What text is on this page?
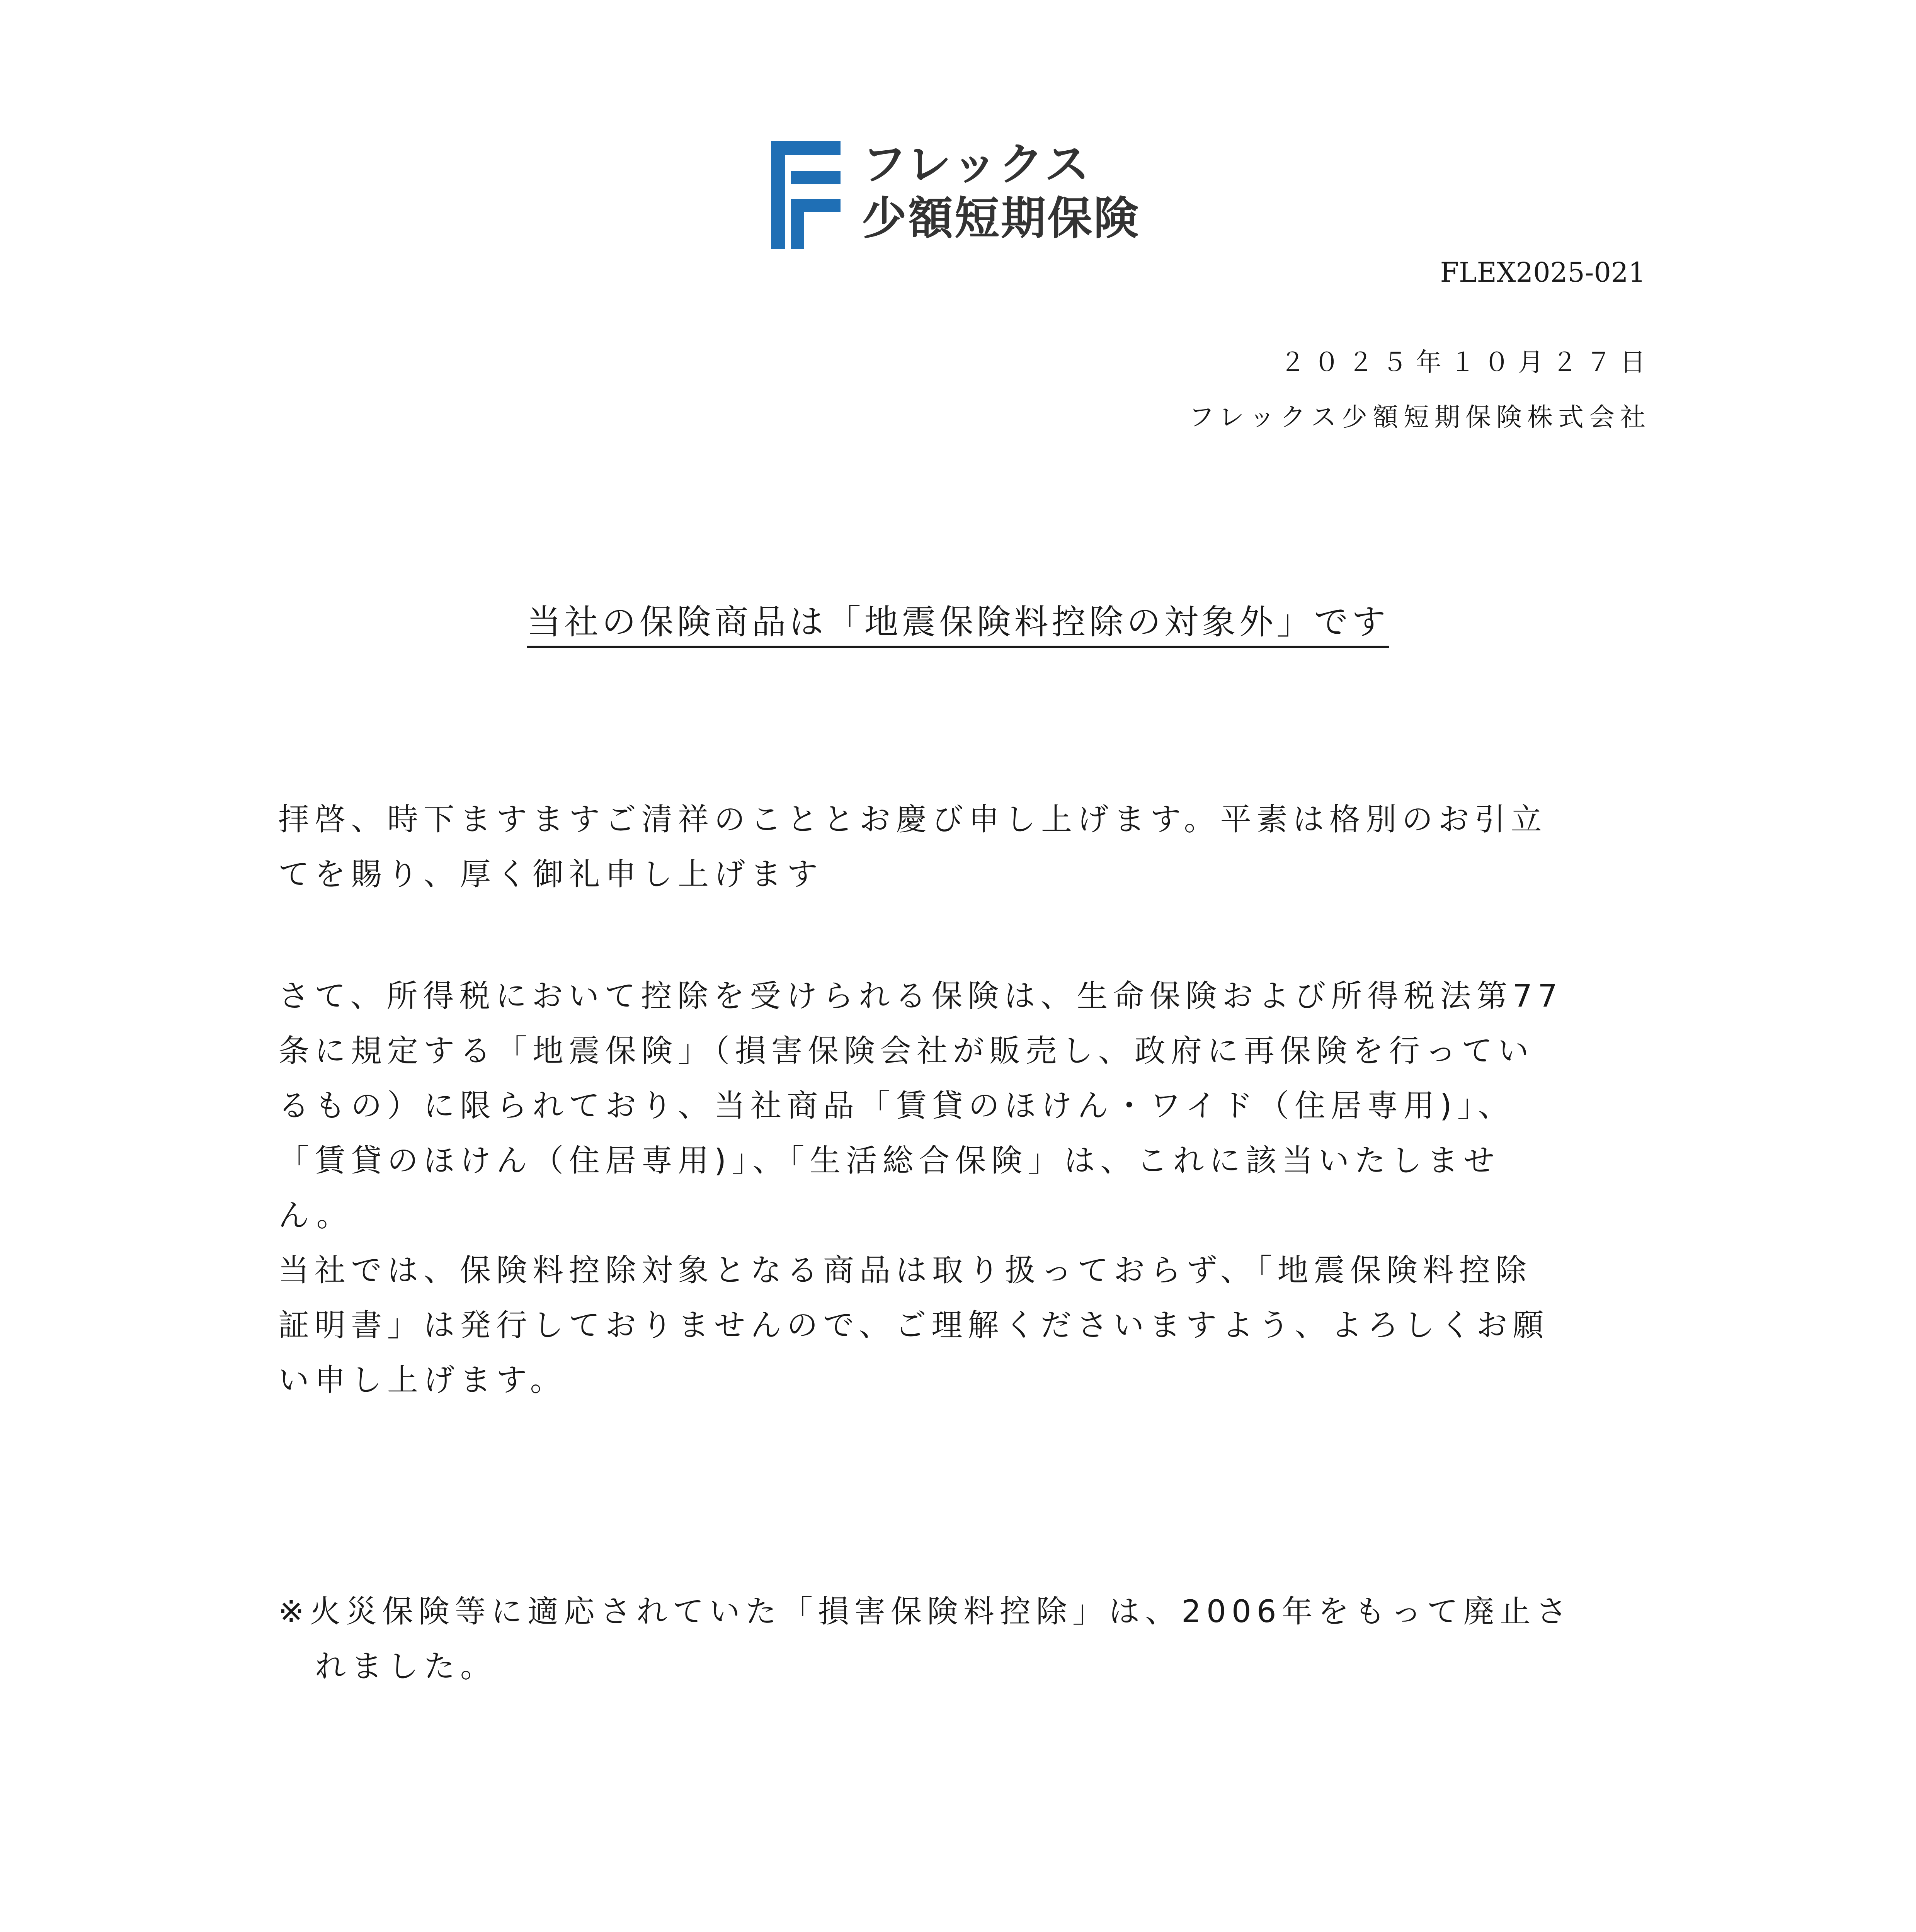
フレックス
少額短期保険
FLEX2025-021
２０２５年１０月２７日
フレックス少額短期保険株式会社
当社の保険商品は「地震保険料控除の対象外」です

拝啓、時下ますますご清祥のこととお慶び申し上げます。平素は格別のお引立
てを賜り、厚く御礼申し上げます

さて、所得税において控除を受けられる保険は、生命保険および所得税法第77
条に規定する「地震保険」（損害保険会社が販売し、政府に再保険を行ってい
るもの）に限られており、当社商品「賃貸のほけん・ワイド（住居専用)」、
「賃貸のほけん（住居専用)」、「生活総合保険」は、これに該当いたしませ
ん。
当社では、保険料控除対象となる商品は取り扱っておらず、「地震保険料控除
証明書」は発行しておりませんので、ご理解くださいますよう、よろしくお願
い申し上げます。

※火災保険等に適応されていた「損害保険料控除」は、2006年をもって廃止さ
れました。
